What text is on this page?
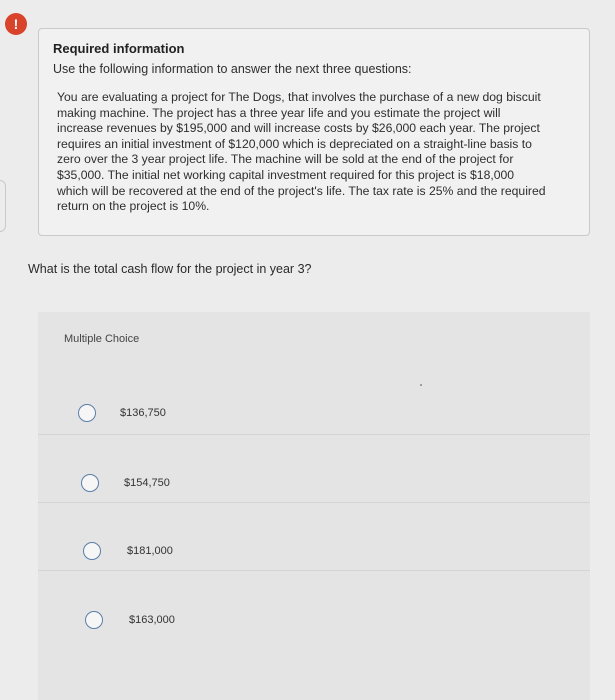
!

Required information

Use the following information to answer the next three questions:

You are evaluating a project for The Dogs, that involves the purchase of a new dog biscuit making machine. The project has a three year life and you estimate the project will increase revenues by $195,000 and will increase costs by $26,000 each year. The project requires an initial investment of $120,000 which is depreciated on a straight-line basis to zero over the 3 year project life. The machine will be sold at the end of the project for $35,000. The initial net working capital investment required for this project is $18,000 which will be recovered at the end of the project's life. The tax rate is 25% and the required return on the project is 10%.

What is the total cash flow for the project in year 3?
Multiple Choice
$136,750
$154,750
$181,000
$163,000
